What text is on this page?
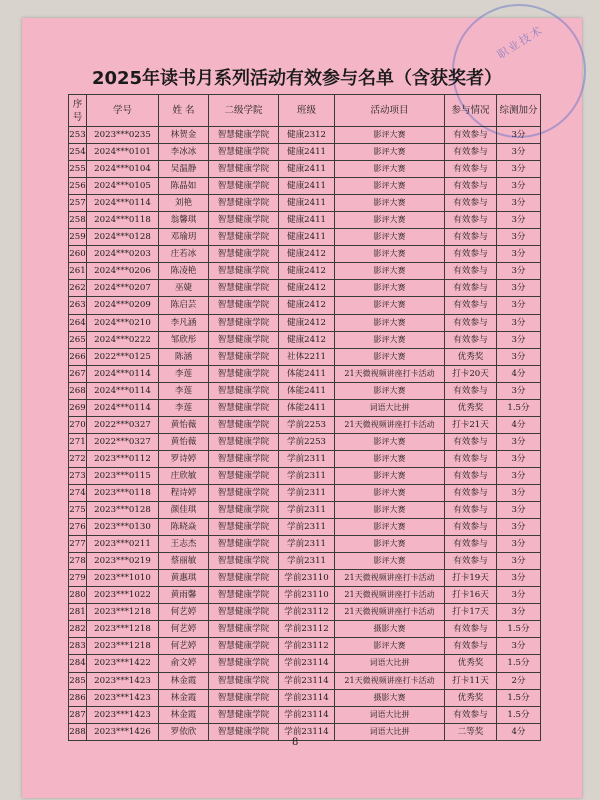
职业技术
2025年读书月系列活动有效参与名单（含获奖者）
序号	学号	姓 名	二级学院	班级	活动项目	参与情况	综测加分
253	2023***0235	林贺金	智慧健康学院	健康2312	影评大赛	有效参与	3分
254	2024***0101	李冰冰	智慧健康学院	健康2411	影评大赛	有效参与	3分
255	2024***0104	吴温静	智慧健康学院	健康2411	影评大赛	有效参与	3分
256	2024***0105	陈晶如	智慧健康学院	健康2411	影评大赛	有效参与	3分
257	2024***0114	刘艳	智慧健康学院	健康2411	影评大赛	有效参与	3分
258	2024***0118	翁馨琪	智慧健康学院	健康2411	影评大赛	有效参与	3分
259	2024***0128	邓瑜玥	智慧健康学院	健康2411	影评大赛	有效参与	3分
260	2024***0203	庄若冰	智慧健康学院	健康2412	影评大赛	有效参与	3分
261	2024***0206	陈凌艳	智慧健康学院	健康2412	影评大赛	有效参与	3分
262	2024***0207	巫婕	智慧健康学院	健康2412	影评大赛	有效参与	3分
263	2024***0209	陈启芸	智慧健康学院	健康2412	影评大赛	有效参与	3分
264	2024***0210	李凡涵	智慧健康学院	健康2412	影评大赛	有效参与	3分
265	2024***0222	邹欣彤	智慧健康学院	健康2412	影评大赛	有效参与	3分
266	2022***0125	陈涵	智慧健康学院	社体2211	影评大赛	优秀奖	3分
267	2024***0114	李莲	智慧健康学院	体能2411	21天微视频讲座打卡活动	打卡20天	4分
268	2024***0114	李莲	智慧健康学院	体能2411	影评大赛	有效参与	3分
269	2024***0114	李莲	智慧健康学院	体能2411	词语大比拼	优秀奖	1.5分
270	2022***0327	黄怡薇	智慧健康学院	学前2253	21天微视频讲座打卡活动	打卡21天	4分
271	2022***0327	黄怡薇	智慧健康学院	学前2253	影评大赛	有效参与	3分
272	2023***0112	罗诗婷	智慧健康学院	学前2311	影评大赛	有效参与	3分
273	2023***0115	庄欣敏	智慧健康学院	学前2311	影评大赛	有效参与	3分
274	2023***0118	程诗婷	智慧健康学院	学前2311	影评大赛	有效参与	3分
275	2023***0128	颜佳琪	智慧健康学院	学前2311	影评大赛	有效参与	3分
276	2023***0130	陈晓焱	智慧健康学院	学前2311	影评大赛	有效参与	3分
277	2023***0211	王志杰	智慧健康学院	学前2311	影评大赛	有效参与	3分
278	2023***0219	蔡丽敏	智慧健康学院	学前2311	影评大赛	有效参与	3分
279	2023***1010	黄惠琪	智慧健康学院	学前23110	21天微视频讲座打卡活动	打卡19天	3分
280	2023***1022	黄雨馨	智慧健康学院	学前23110	21天微视频讲座打卡活动	打卡16天	3分
281	2023***1218	何艺婷	智慧健康学院	学前23112	21天微视频讲座打卡活动	打卡17天	3分
282	2023***1218	何艺婷	智慧健康学院	学前23112	摄影大赛	有效参与	1.5分
283	2023***1218	何艺婷	智慧健康学院	学前23112	影评大赛	有效参与	3分
284	2023***1422	俞文婷	智慧健康学院	学前23114	词语大比拼	优秀奖	1.5分
285	2023***1423	林金霞	智慧健康学院	学前23114	21天微视频讲座打卡活动	打卡11天	2分
286	2023***1423	林金霞	智慧健康学院	学前23114	摄影大赛	优秀奖	1.5分
287	2023***1423	林金霞	智慧健康学院	学前23114	词语大比拼	有效参与	1.5分
288	2023***1426	罗依欣	智慧健康学院	学前23114	词语大比拼	二等奖	4分
8
